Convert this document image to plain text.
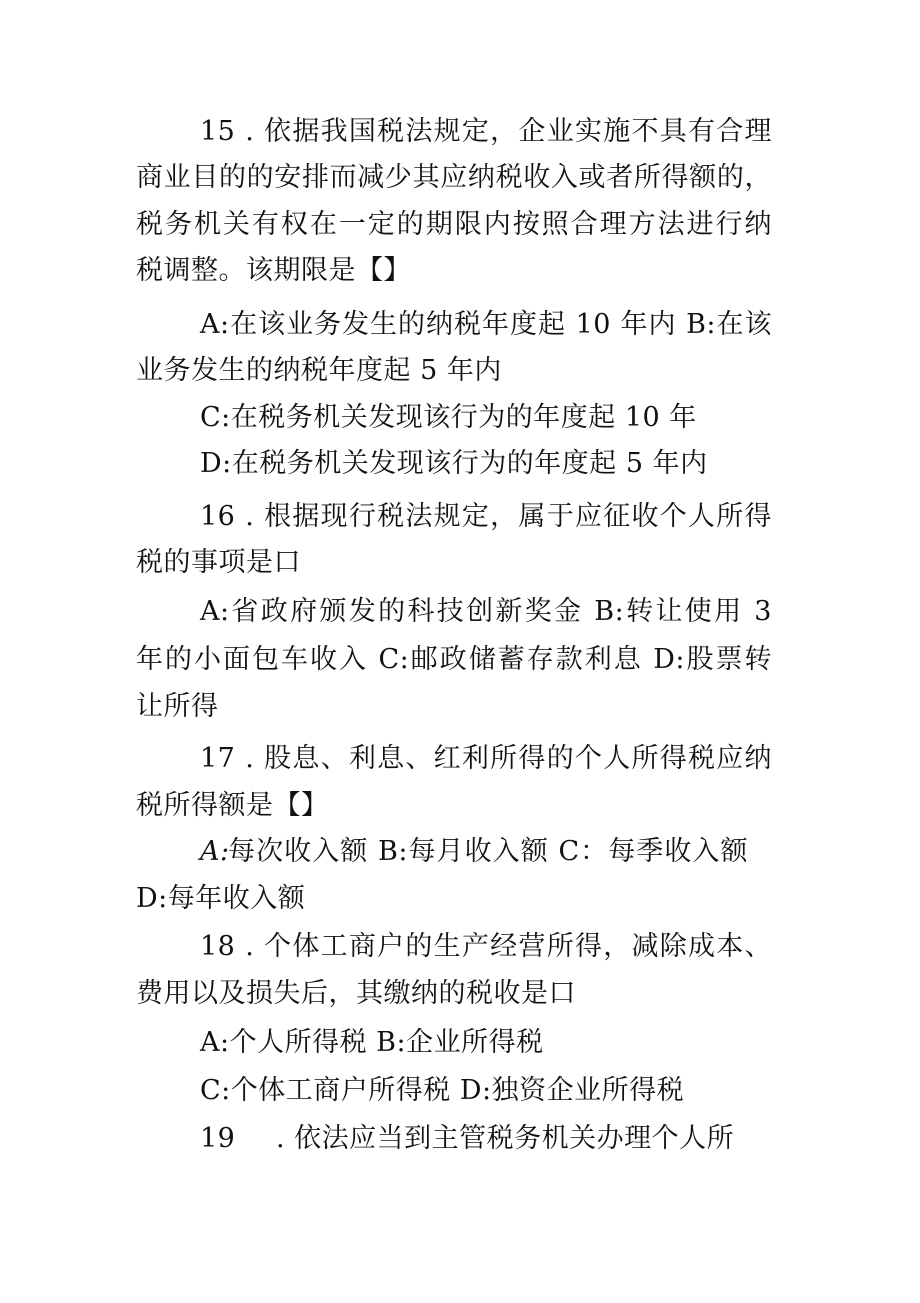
15 . 依据我国税法规定，企业实施不具有合理
商业目的的安排而减少其应纳税收入或者所得额的，
税务机关有权在一定的期限内按照合理方法进行纳
税调整。该期限是【】
A:在该业务发生的纳税年度起 10 年内 B:在该
业务发生的纳税年度起 5 年内
C:在税务机关发现该行为的年度起 10 年
D:在税务机关发现该行为的年度起 5 年内
16 . 根据现行税法规定，属于应征收个人所得
税的事项是口
A:省政府颁发的科技创新奖金 B:转让使用 3
年的小面包车收入 C:邮政储蓄存款利息 D:股票转
让所得
17 . 股息、利息、红利所得的个人所得税应纳
税所得额是【】
A:
每次收入额 B:每月收入额 C：每季收入额
D:每年收入额
18 . 个体工商户的生产经营所得，减除成本、
费用以及损失后，其缴纳的税收是口
A:个人所得税 B:企业所得税
C:个体工商户所得税 D:独资企业所得税
19 . 依法应当到主管税务机关办理个人所
